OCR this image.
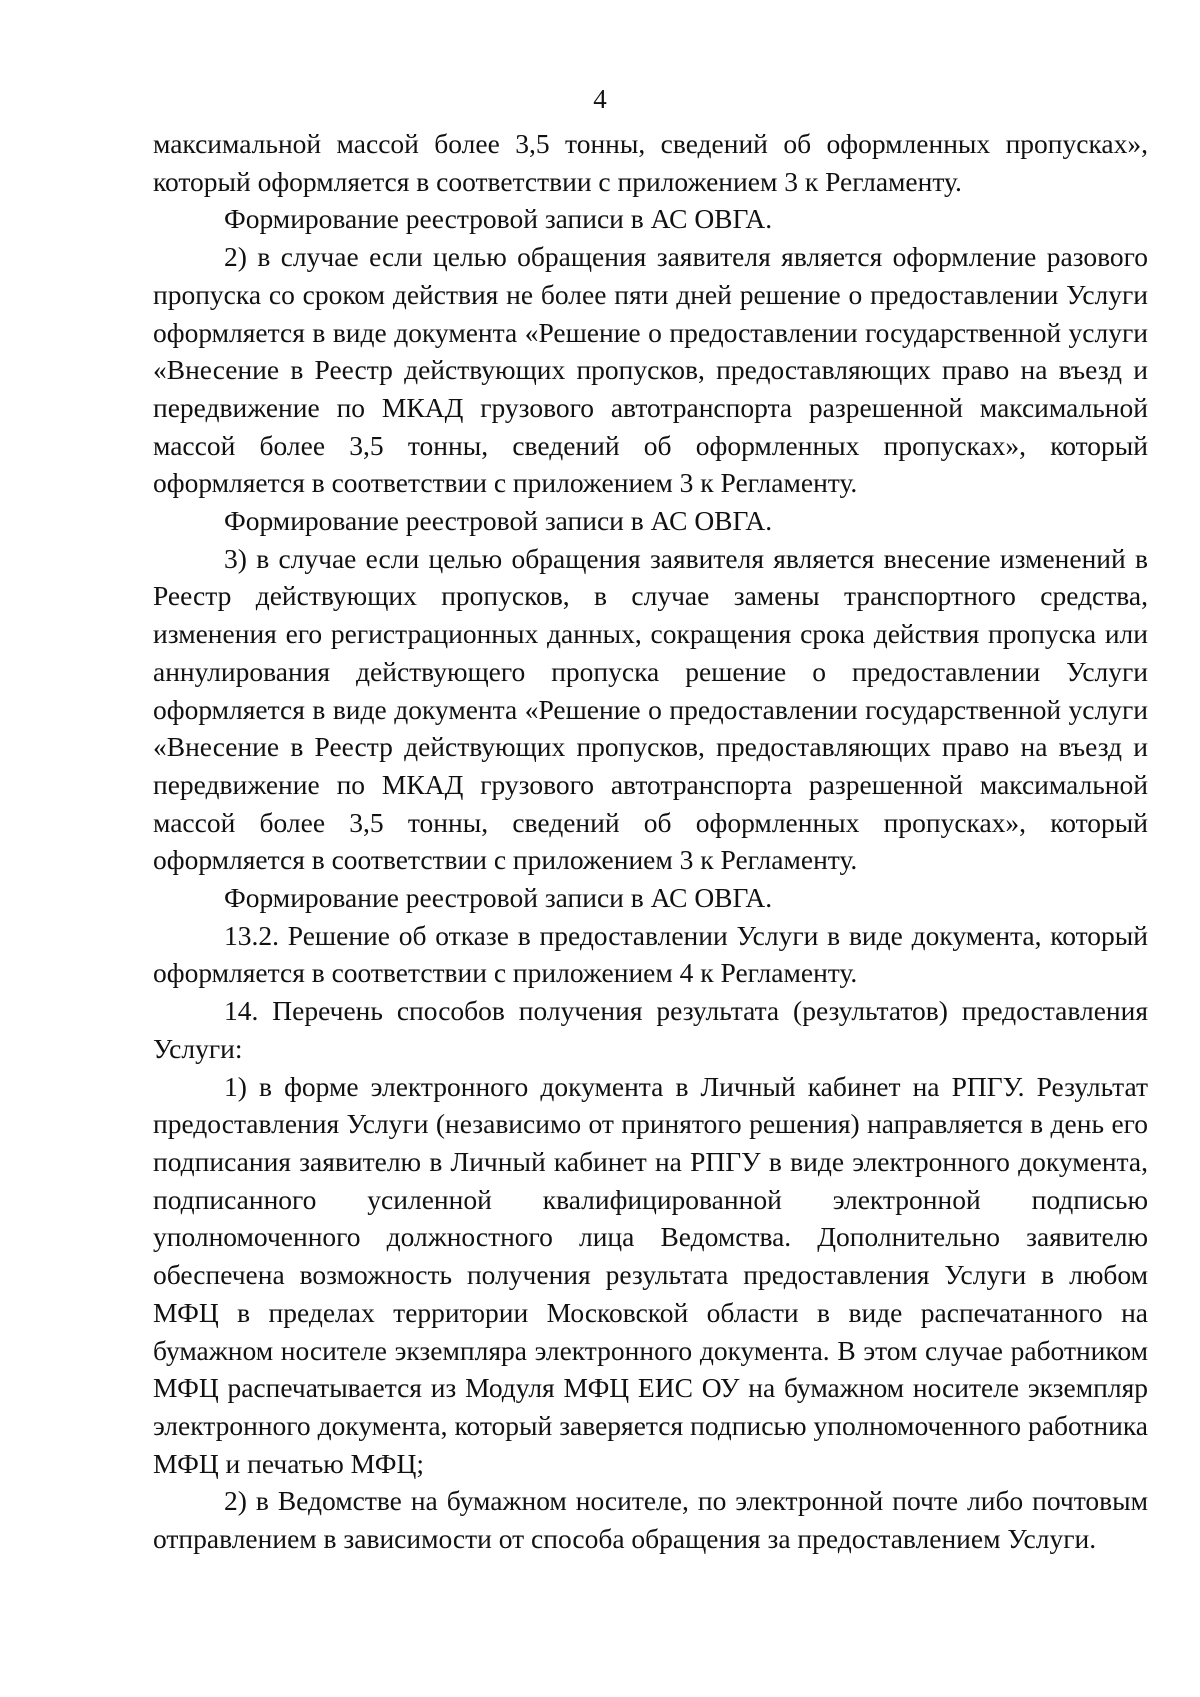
4

максимальной массой более 3,5 тонны, сведений об оформленных пропусках», который оформляется в соответствии с приложением 3 к Регламенту.

Формирование реестровой записи в АС ОВГА.

2) в случае если целью обращения заявителя является оформление разового пропуска со сроком действия не более пяти дней решение о предоставлении Услуги оформляется в виде документа «Решение о предоставлении государственной услуги «Внесение в Реестр действующих пропусков, предоставляющих право на въезд и передвижение по МКАД грузового автотранспорта разрешенной максимальной массой более 3,5 тонны, сведений об оформленных пропусках», который оформляется в соответствии с приложением 3 к Регламенту.

Формирование реестровой записи в АС ОВГА.

3) в случае если целью обращения заявителя является внесение изменений в Реестр действующих пропусков, в случае замены транспортного средства, изменения его регистрационных данных, сокращения срока действия пропуска или аннулирования действующего пропуска решение о предоставлении Услуги оформляется в виде документа «Решение о предоставлении государственной услуги «Внесение в Реестр действующих пропусков, предоставляющих право на въезд и передвижение по МКАД грузового автотранспорта разрешенной максимальной массой более 3,5 тонны, сведений об оформленных пропусках», который оформляется в соответствии с приложением 3 к Регламенту.

Формирование реестровой записи в АС ОВГА.

13.2. Решение об отказе в предоставлении Услуги в виде документа, который оформляется в соответствии с приложением 4 к Регламенту.

14. Перечень способов получения результата (результатов) предоставления Услуги:

1) в форме электронного документа в Личный кабинет на РПГУ. Результат предоставления Услуги (независимо от принятого решения) направляется в день его подписания заявителю в Личный кабинет на РПГУ в виде электронного документа, подписанного усиленной квалифицированной электронной подписью уполномоченного должностного лица Ведомства. Дополнительно заявителю обеспечена возможность получения результата предоставления Услуги в любом МФЦ в пределах территории Московской области в виде распечатанного на бумажном носителе экземпляра электронного документа. В этом случае работником МФЦ распечатывается из Модуля МФЦ ЕИС ОУ на бумажном носителе экземпляр электронного документа, который заверяется подписью уполномоченного работника МФЦ и печатью МФЦ;

2) в Ведомстве на бумажном носителе, по электронной почте либо почтовым отправлением в зависимости от способа обращения за предоставлением Услуги.
